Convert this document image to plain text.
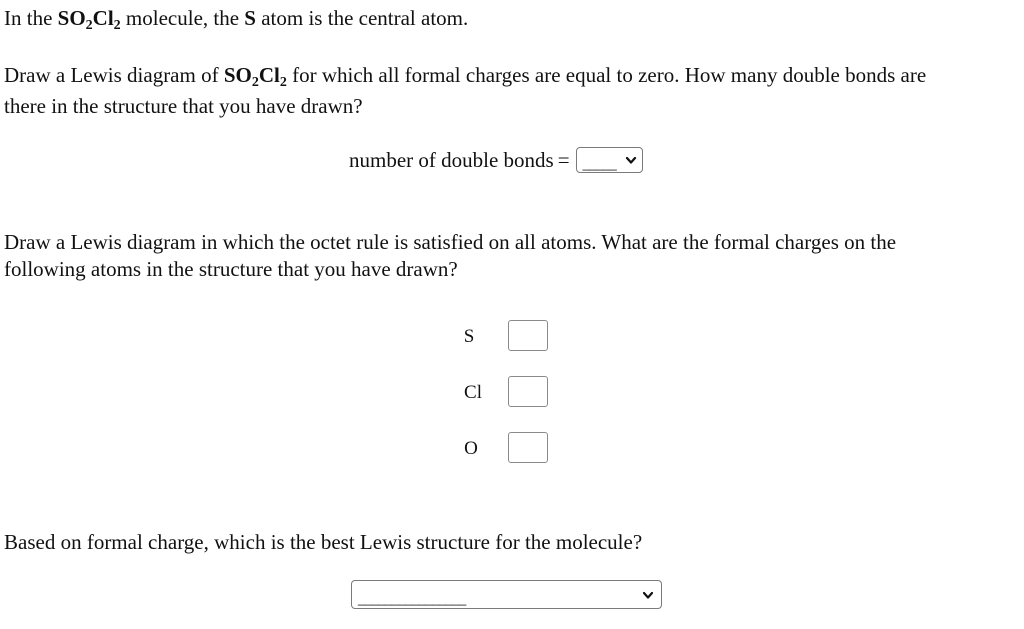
In the $SO_2Cl_2$ molecule, the S atom is the central atom.
Draw a Lewis diagram of $SO_2Cl_2$ for which all formal charges are equal to zero. How many double bonds are
there in the structure that you have drawn?
number of double bonds = _____
Draw a Lewis diagram in which the octet rule is satisfied on all atoms. What are the formal charges on the
following atoms in the structure that you have drawn?
S
Cl
O
Based on formal charge, which is the best Lewis structure for the molecule?
________________
